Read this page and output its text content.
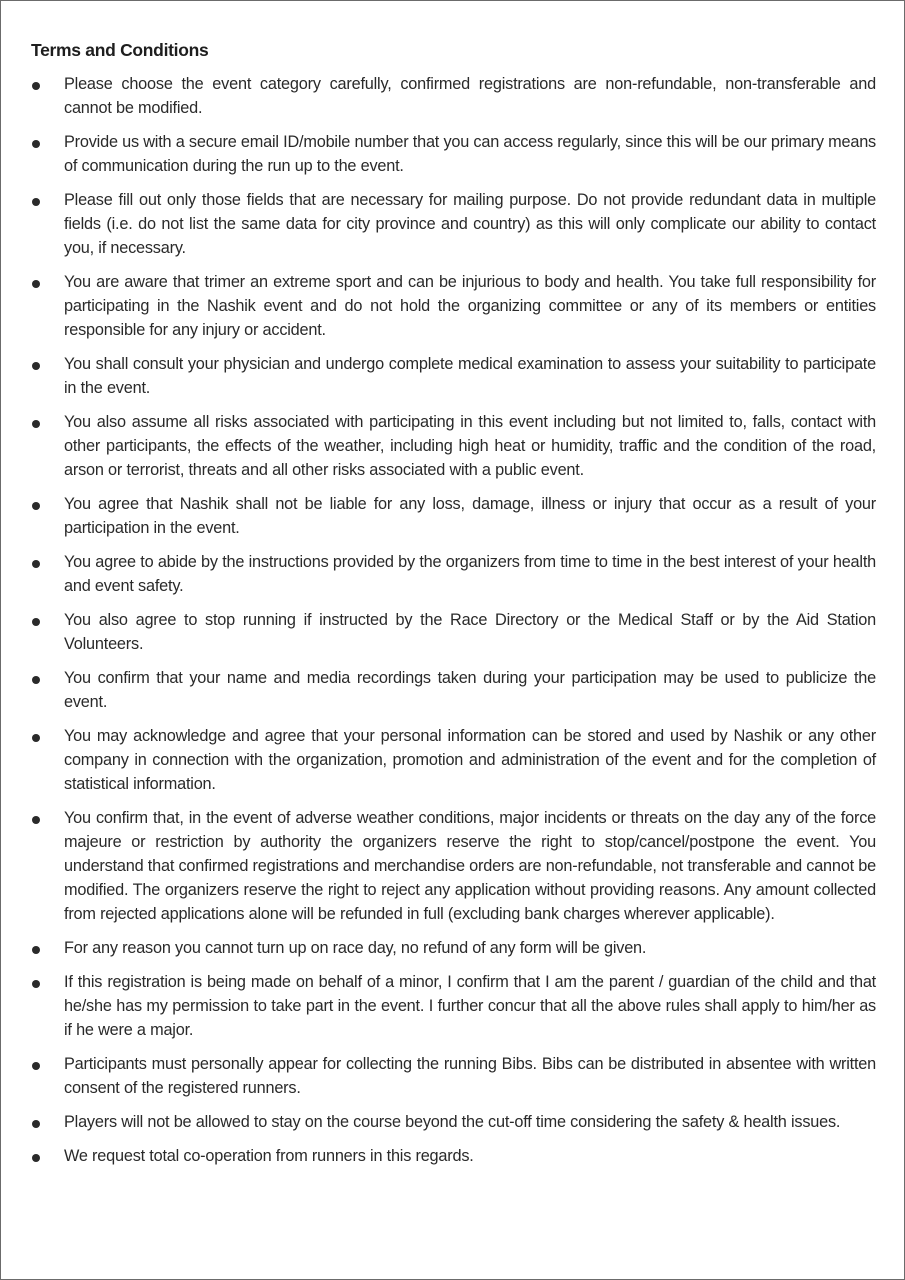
Terms and Conditions
Please choose the event category carefully, confirmed registrations are non-refundable, non-transferable and cannot be modified.
Provide us with a secure email ID/mobile number that you can access regularly, since this will be our primary means of communication during the run up to the event.
Please fill out only those fields that are necessary for mailing purpose. Do not provide redundant data in multiple fields (i.e. do not list the same data for city province and country) as this will only complicate our ability to contact you, if necessary.
You are aware that trimer an extreme sport and can be injurious to body and health. You take full responsibility for participating in the Nashik event and do not hold the organizing committee or any of its members or entities responsible for any injury or accident.
You shall consult your physician and undergo complete medical examination to assess your suitability to participate in the event.
You also assume all risks associated with participating in this event including but not limited to, falls, contact with other participants, the effects of the weather, including high heat or humidity, traffic and the condition of the road, arson or terrorist, threats and all other risks associated with a public event.
You agree that Nashik shall not be liable for any loss, damage, illness or injury that occur as a result of your participation in the event.
You agree to abide by the instructions provided by the organizers from time to time in the best interest of your health and event safety.
You also agree to stop running if instructed by the Race Directory or the Medical Staff or by the Aid Station Volunteers.
You confirm that your name and media recordings taken during your participation may be used to publicize the event.
You may acknowledge and agree that your personal information can be stored and used by Nashik or any other company in connection with the organization, promotion and administration of the event and for the completion of statistical information.
You confirm that, in the event of adverse weather conditions, major incidents or threats on the day any of the force majeure or restriction by authority the organizers reserve the right to stop/cancel/postpone the event. You understand that confirmed registrations and merchandise orders are non-refundable, not transferable and cannot be modified. The organizers reserve the right to reject any application without providing reasons. Any amount collected from rejected applications alone will be refunded in full (excluding bank charges wherever applicable).
For any reason you cannot turn up on race day, no refund of any form will be given.
If this registration is being made on behalf of a minor, I confirm that I am the parent / guardian of the child and that he/she has my permission to take part in the event. I further concur that all the above rules shall apply to him/her as if he were a major.
Participants must personally appear for collecting the running Bibs. Bibs can be distributed in absentee with written consent of the registered runners.
Players will not be allowed to stay on the course beyond the cut-off time considering the safety & health issues.
We request total co-operation from runners in this regards.
